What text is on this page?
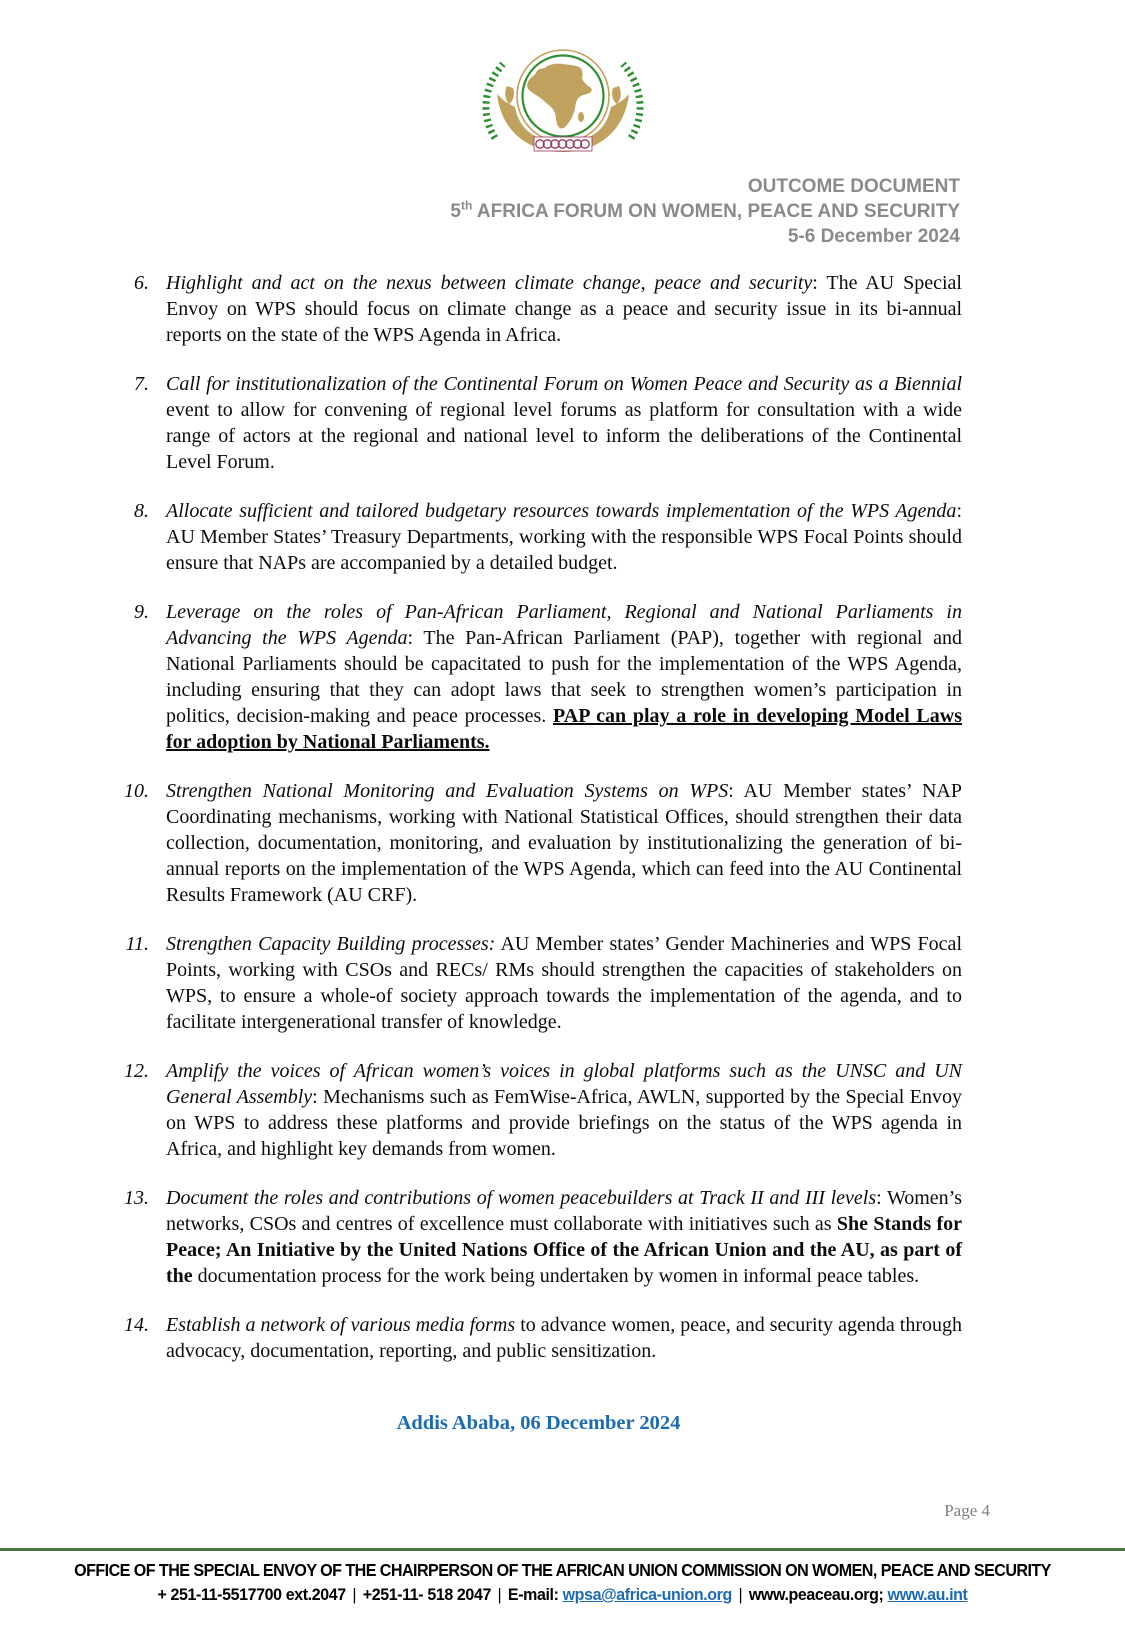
OUTCOME DOCUMENT
5th AFRICA FORUM ON WOMEN, PEACE AND SECURITY
5-6 December 2024
6. Highlight and act on the nexus between climate change, peace and security: The AU Special Envoy on WPS should focus on climate change as a peace and security issue in its bi-annual reports on the state of the WPS Agenda in Africa.
7. Call for institutionalization of the Continental Forum on Women Peace and Security as a Biennial event to allow for convening of regional level forums as platform for consultation with a wide range of actors at the regional and national level to inform the deliberations of the Continental Level Forum.
8. Allocate sufficient and tailored budgetary resources towards implementation of the WPS Agenda: AU Member States’ Treasury Departments, working with the responsible WPS Focal Points should ensure that NAPs are accompanied by a detailed budget.
9. Leverage on the roles of Pan-African Parliament, Regional and National Parliaments in Advancing the WPS Agenda: The Pan-African Parliament (PAP), together with regional and National Parliaments should be capacitated to push for the implementation of the WPS Agenda, including ensuring that they can adopt laws that seek to strengthen women’s participation in politics, decision-making and peace processes. PAP can play a role in developing Model Laws for adoption by National Parliaments.
10. Strengthen National Monitoring and Evaluation Systems on WPS: AU Member states’ NAP Coordinating mechanisms, working with National Statistical Offices, should strengthen their data collection, documentation, monitoring, and evaluation by institutionalizing the generation of bi-annual reports on the implementation of the WPS Agenda, which can feed into the AU Continental Results Framework (AU CRF).
11. Strengthen Capacity Building processes: AU Member states’ Gender Machineries and WPS Focal Points, working with CSOs and RECs/ RMs should strengthen the capacities of stakeholders on WPS, to ensure a whole-of society approach towards the implementation of the agenda, and to facilitate intergenerational transfer of knowledge.
12. Amplify the voices of African women’s voices in global platforms such as the UNSC and UN General Assembly: Mechanisms such as FemWise-Africa, AWLN, supported by the Special Envoy on WPS to address these platforms and provide briefings on the status of the WPS agenda in Africa, and highlight key demands from women.
13. Document the roles and contributions of women peacebuilders at Track II and III levels: Women’s networks, CSOs and centres of excellence must collaborate with initiatives such as She Stands for Peace; An Initiative by the United Nations Office of the African Union and the AU, as part of the documentation process for the work being undertaken by women in informal peace tables.
14. Establish a network of various media forms to advance women, peace, and security agenda through advocacy, documentation, reporting, and public sensitization.
Addis Ababa, 06 December 2024
Page 4
OFFICE OF THE SPECIAL ENVOY OF THE CHAIRPERSON OF THE AFRICAN UNION COMMISSION ON WOMEN, PEACE AND SECURITY
+ 251-11-5517700 ext.2047 | +251-11- 518 2047 | E-mail: wpsa@africa-union.org | www.peaceau.org; www.au.int
